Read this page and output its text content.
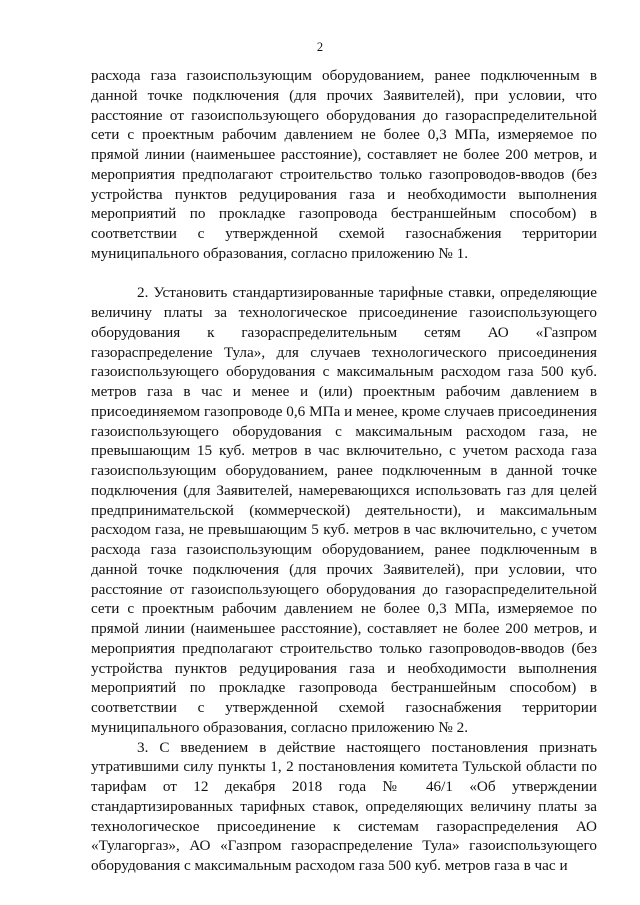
2
расхода газа газоиспользующим оборудованием, ранее подключенным в
данной точке подключения (для прочих Заявителей), при условии, что
расстояние от газоиспользующего оборудования до газораспределительной
сети с проектным рабочим давлением не более 0,3 МПа, измеряемое по
прямой линии (наименьшее расстояние), составляет не более 200 метров, и
мероприятия предполагают строительство только газопроводов-вводов (без
устройства пунктов редуцирования газа и необходимости выполнения
мероприятий по прокладке газопровода бестраншейным способом) в
соответствии с утвержденной схемой газоснабжения территории
муниципального образования, согласно приложению № 1.
2. Установить стандартизированные тарифные ставки, определяющие
величину платы за технологическое присоединение газоиспользующего
оборудования к газораспределительным сетям АО «Газпром
газораспределение Тула», для случаев технологического присоединения
газоиспользующего оборудования с максимальным расходом газа 500 куб.
метров газа в час и менее и (или) проектным рабочим давлением в
присоединяемом газопроводе 0,6 МПа и менее, кроме случаев присоединения
газоиспользующего оборудования с максимальным расходом газа, не
превышающим 15 куб. метров в час включительно, с учетом расхода газа
газоиспользующим оборудованием, ранее подключенным в данной точке
подключения (для Заявителей, намеревающихся использовать газ для целей
предпринимательской (коммерческой) деятельности), и максимальным
расходом газа, не превышающим 5 куб. метров в час включительно, с учетом
расхода газа газоиспользующим оборудованием, ранее подключенным в
данной точке подключения (для прочих Заявителей), при условии, что
расстояние от газоиспользующего оборудования до газораспределительной
сети с проектным рабочим давлением не более 0,3 МПа, измеряемое по
прямой линии (наименьшее расстояние), составляет не более 200 метров, и
мероприятия предполагают строительство только газопроводов-вводов (без
устройства пунктов редуцирования газа и необходимости выполнения
мероприятий по прокладке газопровода бестраншейным способом) в
соответствии с утвержденной схемой газоснабжения территории
муниципального образования, согласно приложению № 2.
3. С введением в действие настоящего постановления признать
утратившими силу пункты 1, 2 постановления комитета Тульской области по
тарифам от 12 декабря 2018 года № 46/1 «Об утверждении
стандартизированных тарифных ставок, определяющих величину платы за
технологическое присоединение к системам газораспределения АО
«Тулагоргаз», АО «Газпром газораспределение Тула» газоиспользующего
оборудования с максимальным расходом газа 500 куб. метров газа в час и
